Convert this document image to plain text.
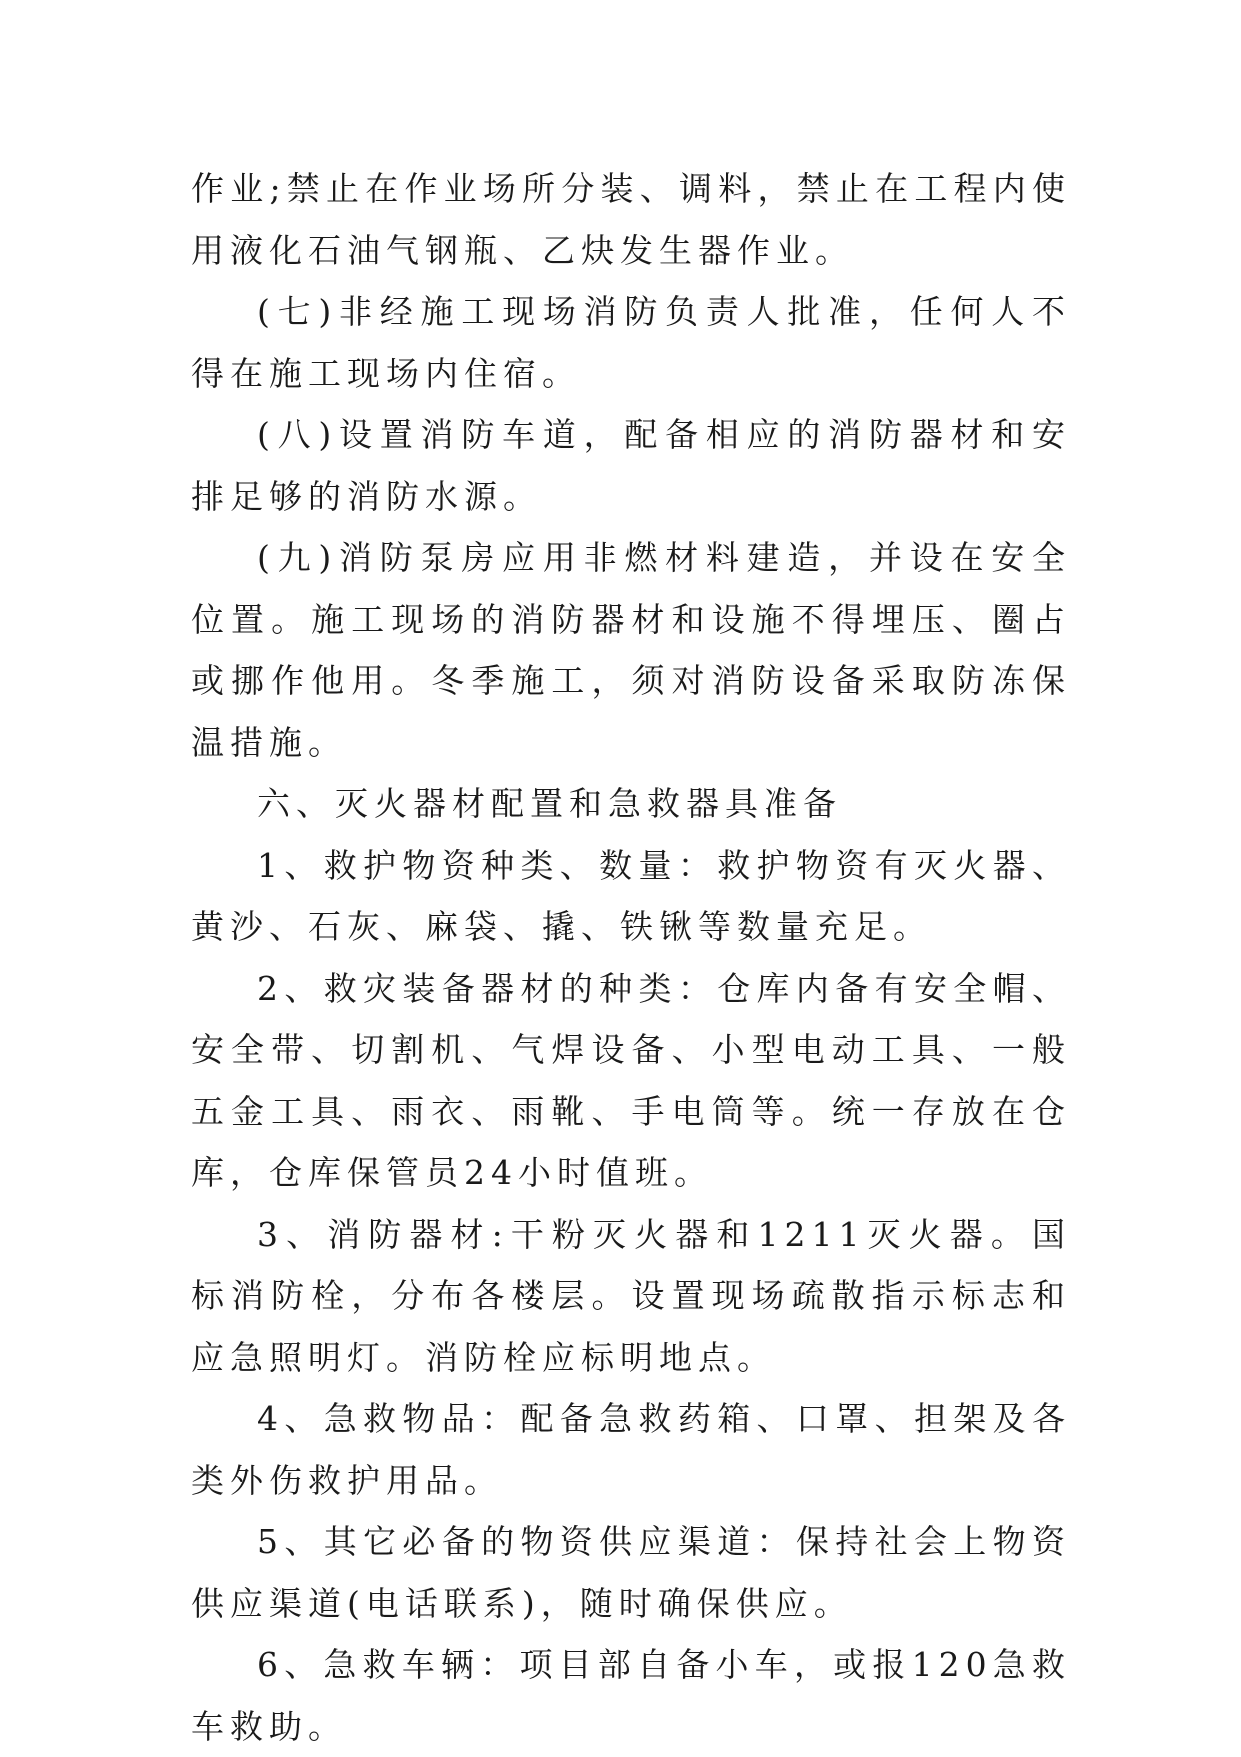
作业;禁止在作业场所分装、调料，禁止在工程内使用液化石油气钢瓶、乙炔发生器作业。

(七)非经施工现场消防负责人批准，任何人不得在施工现场内住宿。

(八)设置消防车道，配备相应的消防器材和安排足够的消防水源。

(九)消防泵房应用非燃材料建造，并设在安全位置。施工现场的消防器材和设施不得埋压、圈占或挪作他用。冬季施工，须对消防设备采取防冻保温措施。

六、灭火器材配置和急救器具准备

1、救护物资种类、数量：救护物资有灭火器、黄沙、石灰、麻袋、撬、铁锹等数量充足。

2、救灾装备器材的种类：仓库内备有安全帽、安全带、切割机、气焊设备、小型电动工具、一般五金工具、雨衣、雨靴、手电筒等。统一存放在仓库，仓库保管员24小时值班。

3、消防器材:干粉灭火器和1211灭火器。国标消防栓，分布各楼层。设置现场疏散指示标志和应急照明灯。消防栓应标明地点。

4、急救物品：配备急救药箱、口罩、担架及各类外伤救护用品。

5、其它必备的物资供应渠道：保持社会上物资供应渠道(电话联系)，随时确保供应。

6、急救车辆：项目部自备小车，或报120急救车救助。
